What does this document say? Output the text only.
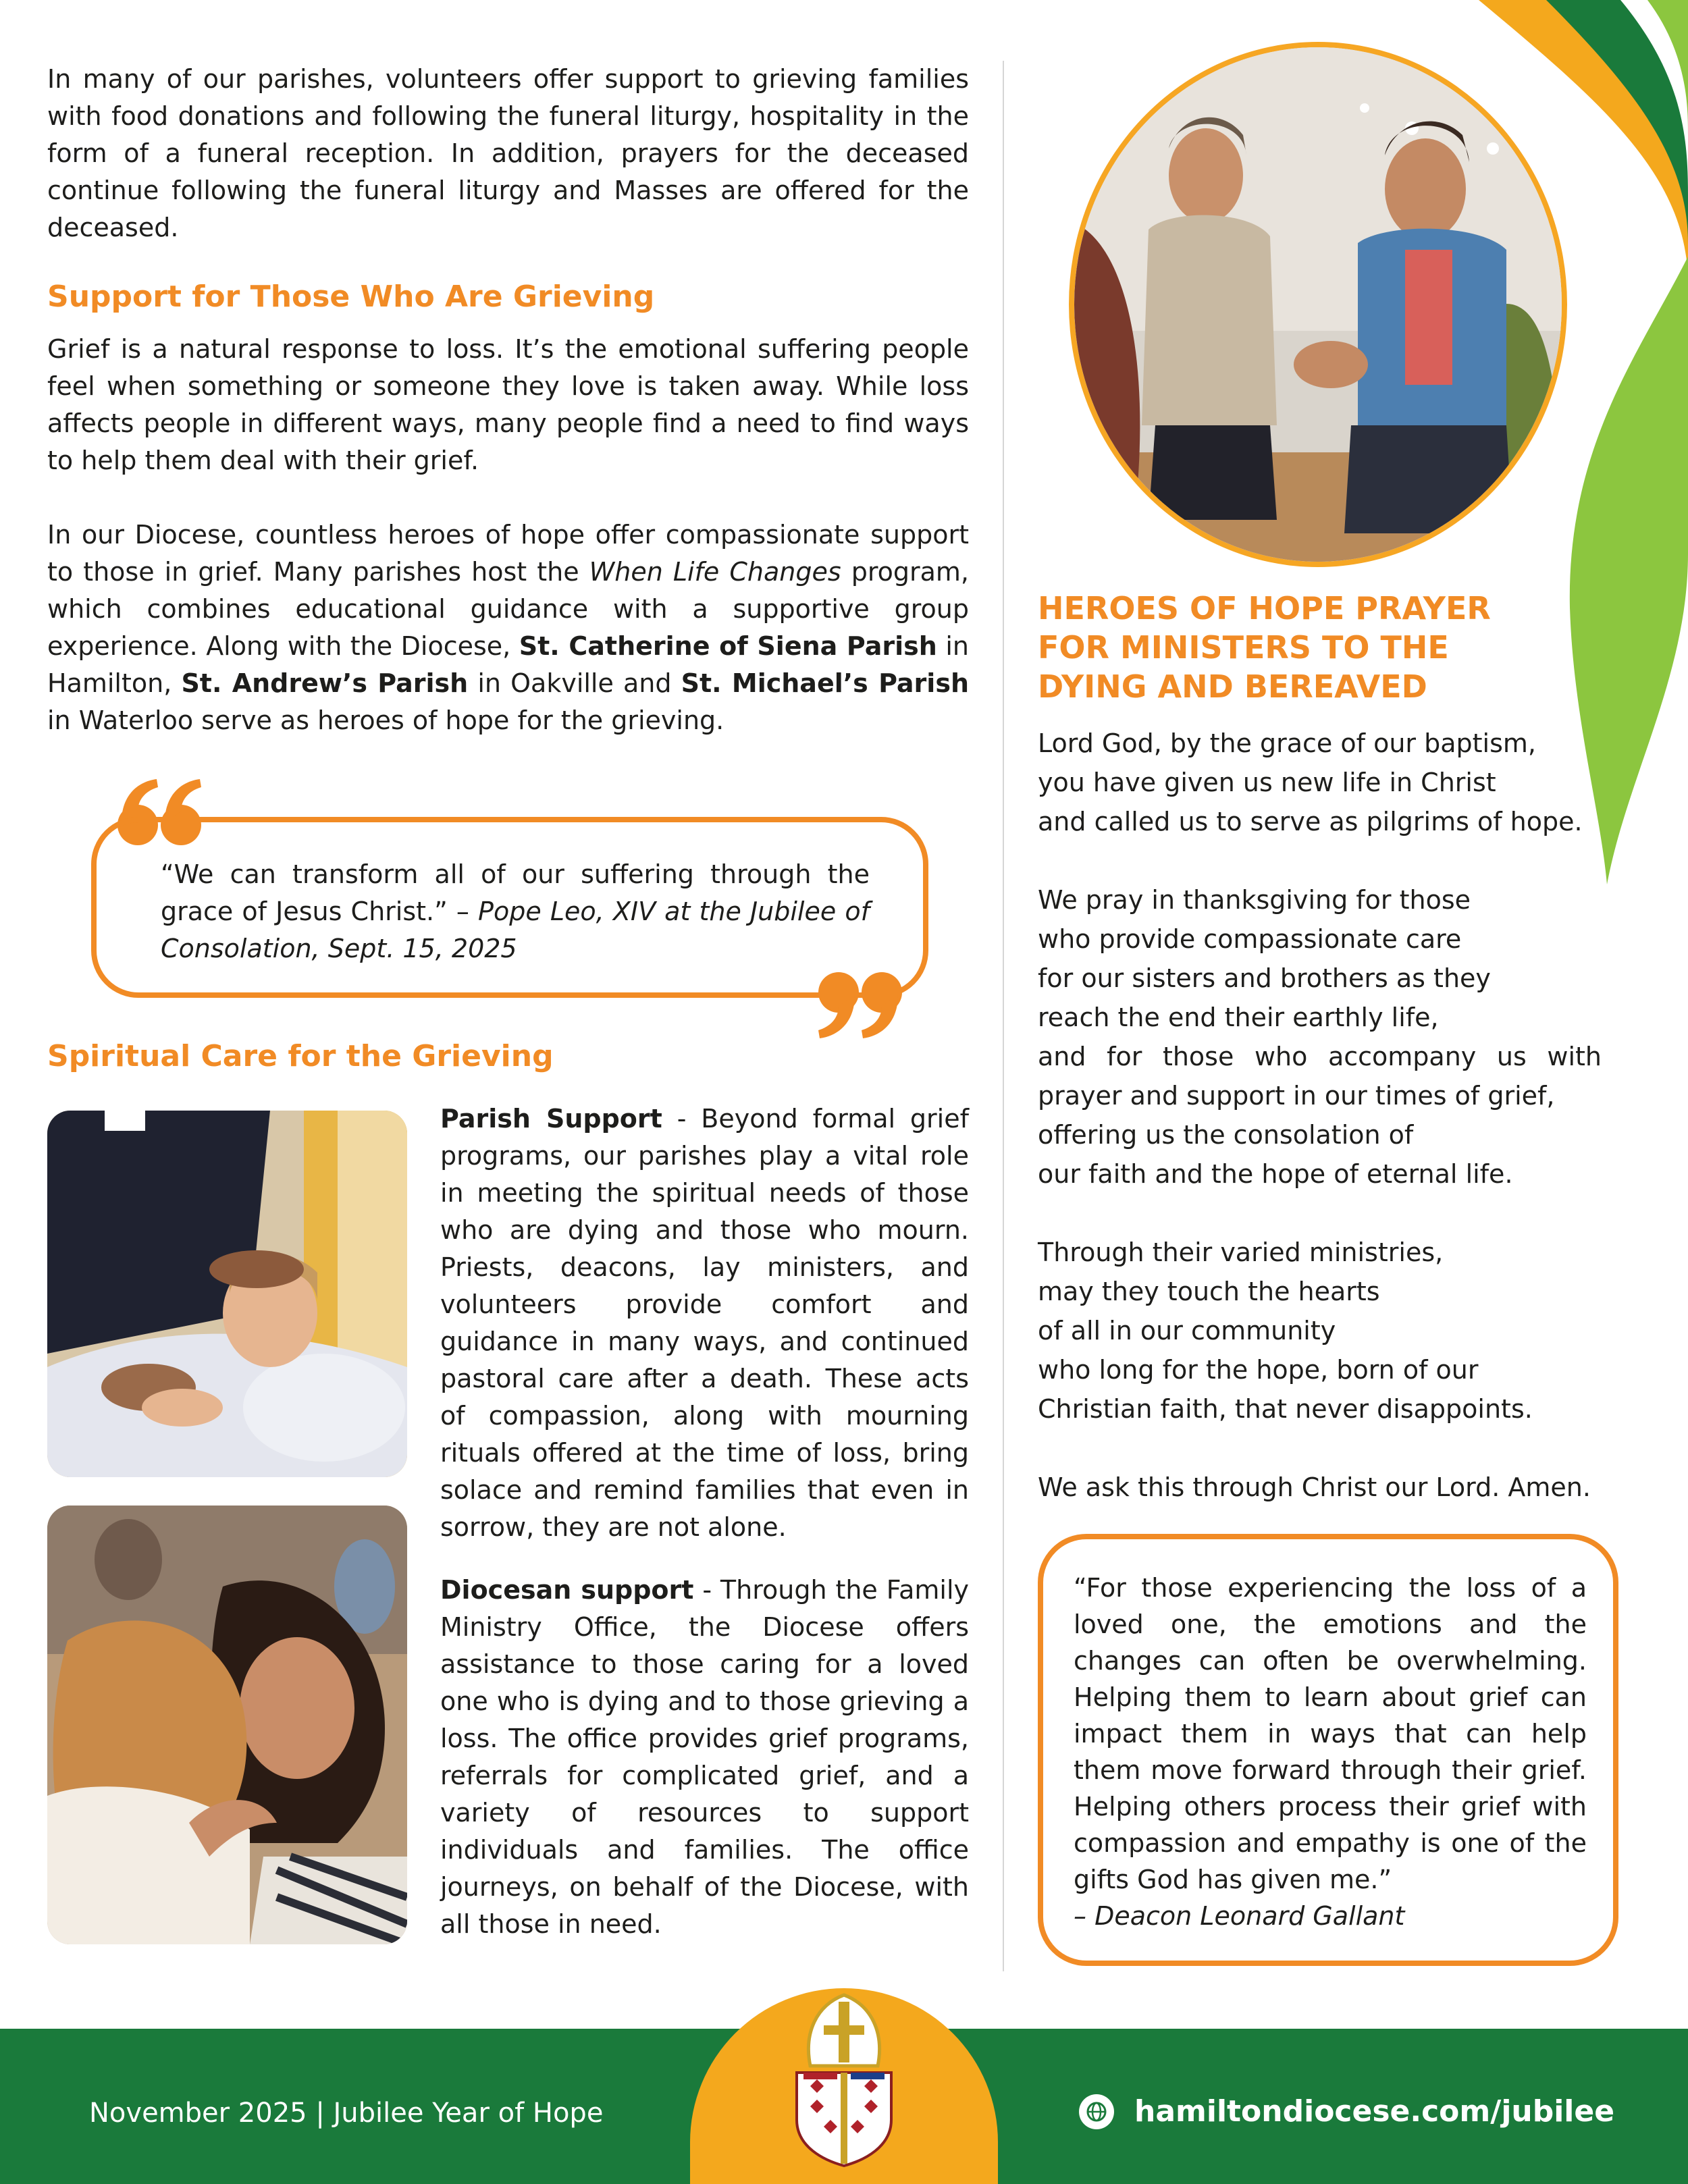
In many of our parishes, volunteers offer support to grieving families with food donations and following the funeral liturgy, hospitality in the form of a funeral reception. In addition, prayers for the deceased continue following the funeral liturgy and Masses are offered for the deceased.

Support for Those Who Are Grieving

Grief is a natural response to loss. It’s the emotional suffering people feel when something or someone they love is taken away. While loss affects people in different ways, many people find a need to find ways to help them deal with their grief.

In our Diocese, countless heroes of hope offer compassionate support to those in grief. Many parishes host the When Life Changes program, which combines educational guidance with a supportive group experience. Along with the Diocese, St. Catherine of Siena Parish in Hamilton, St. Andrew’s Parish in Oakville and St. Michael’s Parish in Waterloo serve as heroes of hope for the grieving.

“We can transform all of our suffering through the grace of Jesus Christ.” – Pope Leo, XIV at the Jubilee of Consolation, Sept. 15, 2025

Spiritual Care for the Grieving

Parish Support - Beyond formal grief programs, our parishes play a vital role in meeting the spiritual needs of those who are dying and those who mourn. Priests, deacons, lay ministers, and volunteers provide comfort and guidance in many ways, and continued pastoral care after a death. These acts of compassion, along with mourning rituals offered at the time of loss, bring solace and remind families that even in sorrow, they are not alone.

Diocesan support - Through the Family Ministry Office, the Diocese offers assistance to those caring for a loved one who is dying and to those grieving a loss. The office provides grief programs, referrals for complicated grief, and a variety of resources to support individuals and families. The office journeys, on behalf of the Diocese, with all those in need.

HEROES OF HOPE PRAYER FOR MINISTERS TO THE DYING AND BEREAVED

Lord God, by the grace of our baptism,
you have given us new life in Christ
and called us to serve as pilgrims of hope.

We pray in thanksgiving for those
who provide compassionate care
for our sisters and brothers as they
reach the end their earthly life,

and for those who accompany us with prayer and support in our times of grief,

offering us the consolation of
our faith and the hope of eternal life.

Through their varied ministries,
may they touch the hearts
of all in our community
who long for the hope, born of our
Christian faith, that never disappoints.

We ask this through Christ our Lord. Amen.

“For those experiencing the loss of a loved one, the emotions and the changes can often be overwhelming. Helping them to learn about grief can impact them in ways that can help them move forward through their grief. Helping others process their grief with compassion and empathy is one of the gifts God has given me.”

– Deacon Leonard Gallant

November 2025 | Jubilee Year of Hope	hamiltondiocese.com/jubilee
